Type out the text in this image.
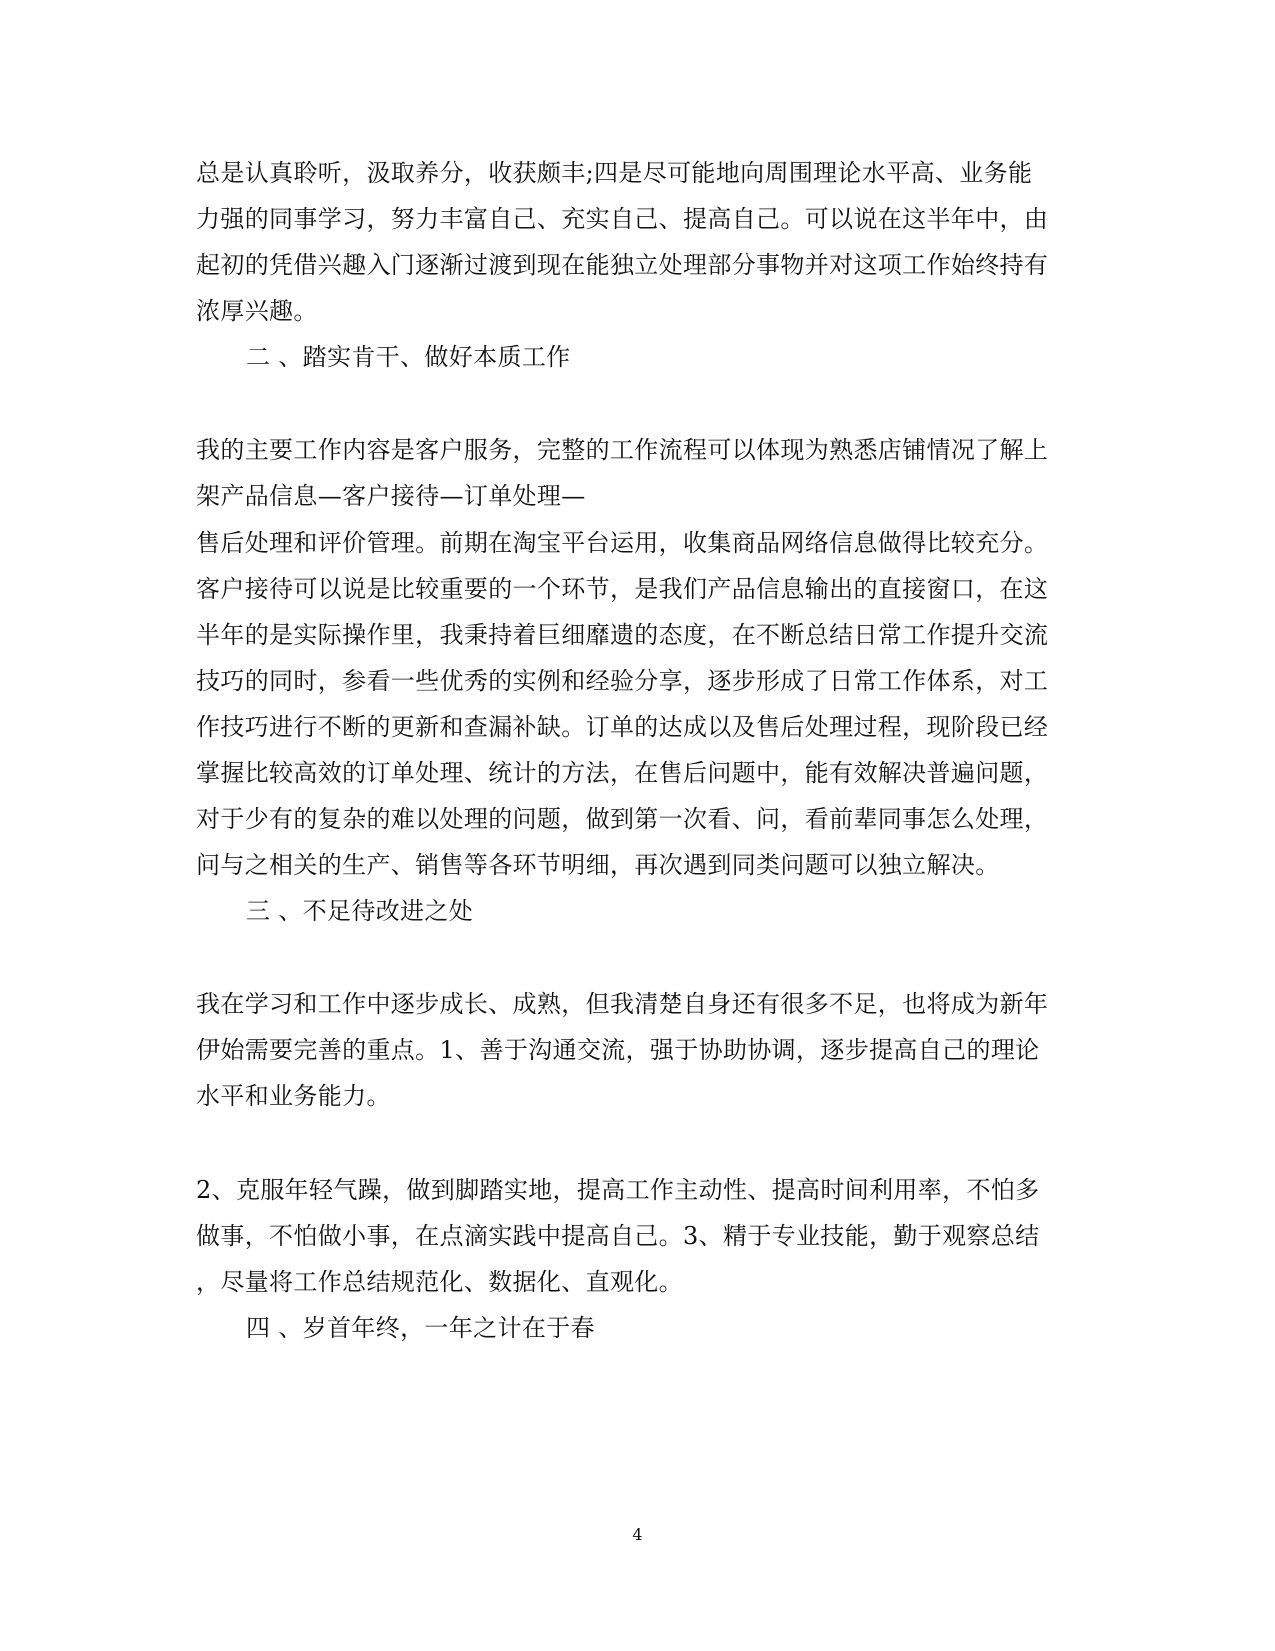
总是认真聆听，汲取养分，收获颇丰;四是尽可能地向周围理论水平高、业务能
力强的同事学习，努力丰富自己、充实自己、提高自己。可以说在这半年中，由
起初的凭借兴趣入门逐渐过渡到现在能独立处理部分事物并对这项工作始终持有
浓厚兴趣。
二 、踏实肯干、做好本质工作
我的主要工作内容是客户服务，完整的工作流程可以体现为熟悉店铺情况了解上
架产品信息—客户接待—订单处理—
售后处理和评价管理。前期在淘宝平台运用，收集商品网络信息做得比较充分。
客户接待可以说是比较重要的一个环节，是我们产品信息输出的直接窗口，在这
半年的是实际操作里，我秉持着巨细靡遗的态度，在不断总结日常工作提升交流
技巧的同时，参看一些优秀的实例和经验分享，逐步形成了日常工作体系，对工
作技巧进行不断的更新和查漏补缺。订单的达成以及售后处理过程，现阶段已经
掌握比较高效的订单处理、统计的方法，在售后问题中，能有效解决普遍问题，
对于少有的复杂的难以处理的问题，做到第一次看、问，看前辈同事怎么处理，
问与之相关的生产、销售等各环节明细，再次遇到同类问题可以独立解决。
三 、不足待改进之处
我在学习和工作中逐步成长、成熟，但我清楚自身还有很多不足，也将成为新年
伊始需要完善的重点。1、善于沟通交流，强于协助协调，逐步提高自己的理论
水平和业务能力。
2、克服年轻气躁，做到脚踏实地，提高工作主动性、提高时间利用率，不怕多
做事，不怕做小事，在点滴实践中提高自己。3、精于专业技能，勤于观察总结
，尽量将工作总结规范化、数据化、直观化。
四 、岁首年终，一年之计在于春
4
